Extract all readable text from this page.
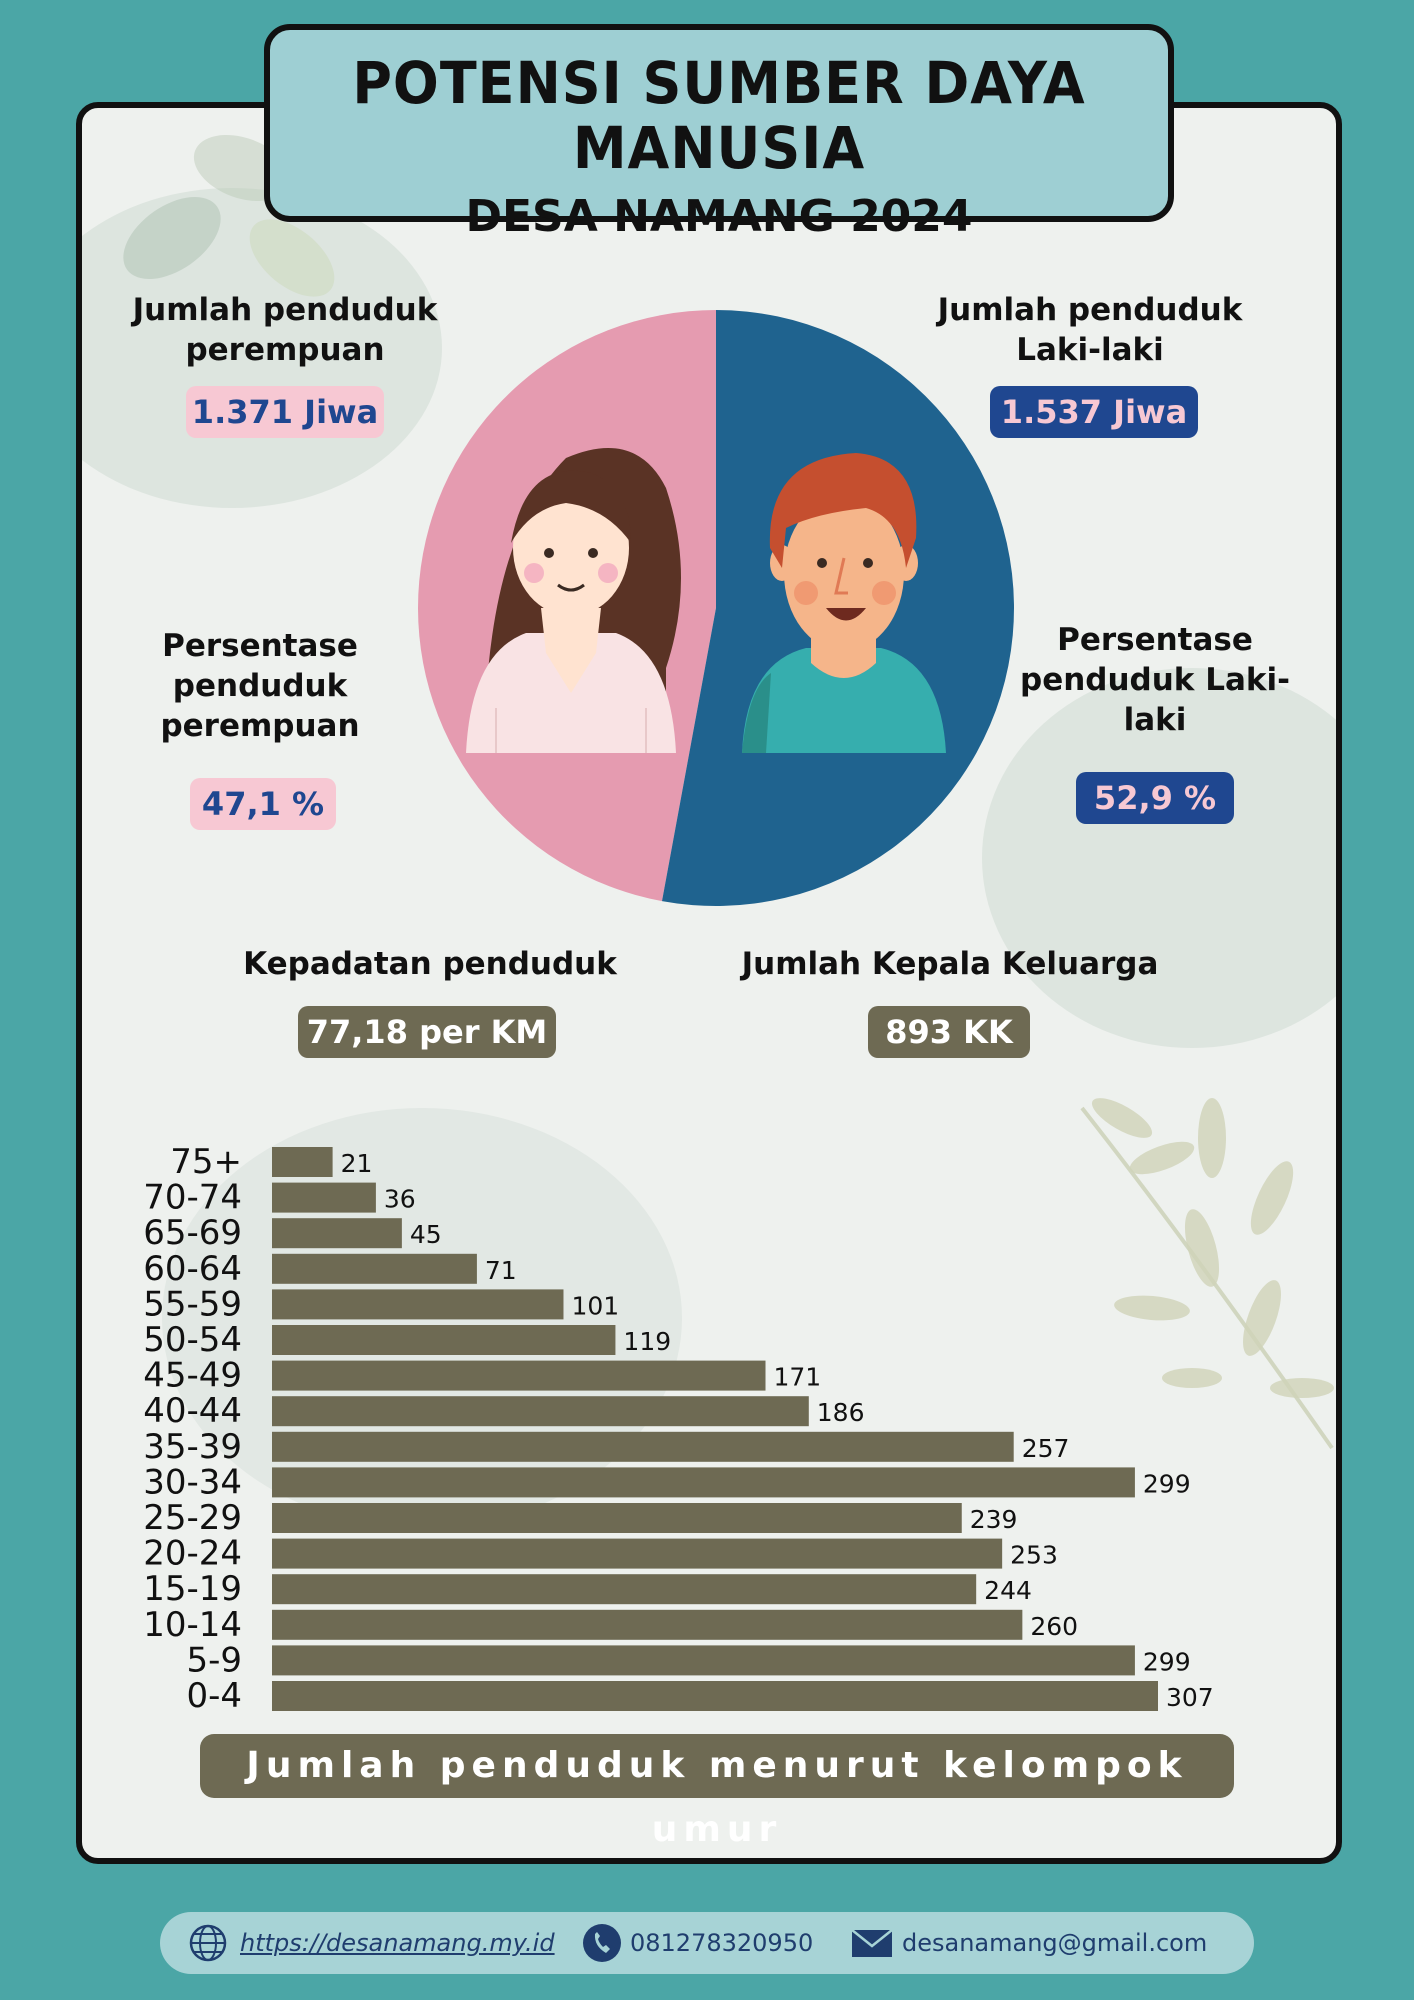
POTENSI SUMBER DAYA MANUSIA
DESA NAMANG 2024
Jumlah penduduk perempuan
1.371 Jiwa
Persentase penduduk perempuan
47,1 %
Jumlah penduduk Laki-laki
1.537 Jiwa
Persentase penduduk Laki-laki
52,9 %
Kepadatan penduduk
77,18 per KM
Jumlah Kepala Keluarga
893 KK
75+	21
70-74	36
65-69	45
60-64	71
55-59	101
50-54	119
45-49	171
40-44	186
35-39	257
30-34	299
25-29	239
20-24	253
15-19	244
10-14	260
5-9	299
0-4	307
Jumlah penduduk menurut kelompok umur
https://desanamang.my.id	081278320950	desanamang@gmail.com
